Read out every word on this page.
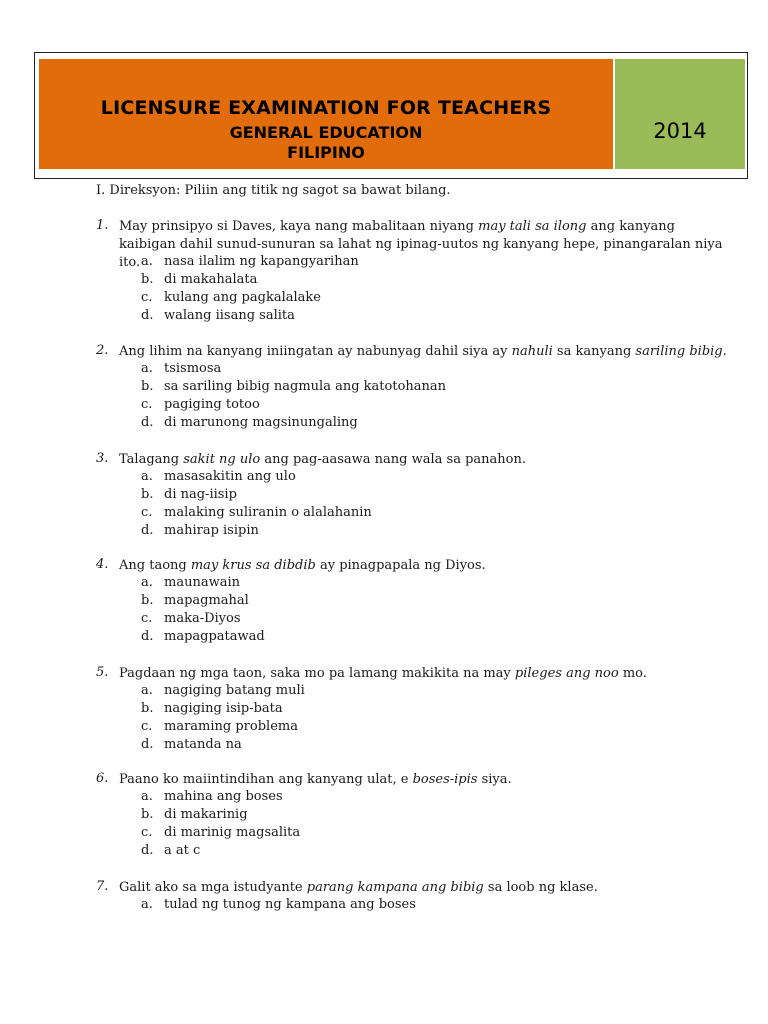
LICENSURE EXAMINATION FOR TEACHERS
GENERAL EDUCATION
FILIPINO
2014
I. Direksyon: Piliin ang titik ng sagot sa bawat bilang.
1. May prinsipyo si Daves, kaya nang mabalitaan niyang may tali sa ilong ang kanyang kaibigan dahil sunud-sunuran sa lahat ng ipinag-uutos ng kanyang hepe, pinangaralan niya ito. a. nasa ilalim ng kapangyarihan
b. di makahalata
c. kulang ang pagkalalake
d. walang iisang salita
2. Ang lihim na kanyang iniingatan ay nabunyag dahil siya ay nahuli sa kanyang sariling bibig.
a. tsismosa
b. sa sariling bibig nagmula ang katotohanan
c. pagiging totoo
d. di marunong magsinungaling
3. Talagang sakit ng ulo ang pag-aasawa nang wala sa panahon.
a. masasakitin ang ulo
b. di nag-iisip
c. malaking suliranin o alalahanin
d. mahirap isipin
4. Ang taong may krus sa dibdib ay pinagpapala ng Diyos.
a. maunawain
b. mapagmahal
c. maka-Diyos
d. mapagpatawad
5. Pagdaan ng mga taon, saka mo pa lamang makikita na may pileges ang noo mo.
a. nagiging batang muli
b. nagiging isip-bata
c. maraming problema
d. matanda na
6. Paano ko maiintindihan ang kanyang ulat, e boses-ipis siya.
a. mahina ang boses
b. di makarinig
c. di marinig magsalita
d. a at c
7. Galit ako sa mga istudyante parang kampana ang bibig sa loob ng klase.
a. tulad ng tunog ng kampana ang boses
